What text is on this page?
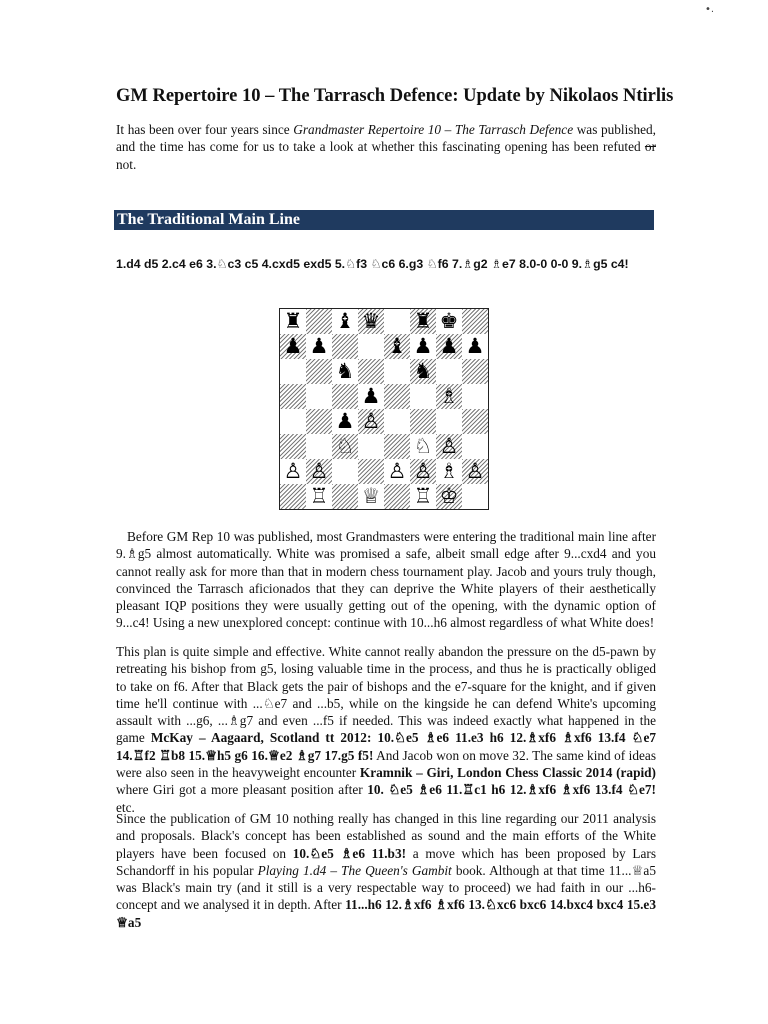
•.
GM Repertoire 10 – The Tarrasch Defence: Update by Nikolaos Ntirlis

It has been over four years since Grandmaster Repertoire 10 – The Tarrasch Defence was published, and the time has come for us to take a look at whether this fascinating opening has been refuted or not.

The Traditional Main Line

1.d4 d5 2.c4 e6 3.♘c3 c5 4.cxd5 exd5 5.♘f3 ♘c6 6.g3 ♘f6 7.♗g2 ♗e7 8.0-0 0-0 9.♗g5 c4!

♜ ♝ ♛ ♜ ♚
♟ ♟	♝ ♟ ♟ ♟
♞	♞
♟	♗
♟ ♙
♘	♘ ♙
♙ ♙	♙ ♙ ♗ ♙
♖ ♕ ♖ ♔

Before GM Rep 10 was published, most Grandmasters were entering the traditional main line after 9.♗g5 almost automatically. White was promised a safe, albeit small edge after 9...cxd4 and you cannot really ask for more than that in modern chess tournament play. Jacob and yours truly though, convinced the Tarrasch aficionados that they can deprive the White players of their aesthetically pleasant IQP positions they were usually getting out of the opening, with the dynamic option of 9...c4! Using a new unexplored concept: continue with 10...h6 almost regardless of what White does!

This plan is quite simple and effective. White cannot really abandon the pressure on the d5-pawn by retreating his bishop from g5, losing valuable time in the process, and thus he is practically obliged to take on f6. After that Black gets the pair of bishops and the e7-square for the knight, and if given time he'll continue with ...♘e7 and ...b5, while on the kingside he can defend White's upcoming assault with ...g6, ...♗g7 and even ...f5 if needed. This was indeed exactly what happened in the game McKay – Aagaard, Scotland tt 2012: 10.♘e5 ♗e6 11.e3 h6 12.♗xf6 ♗xf6 13.f4 ♘e7 14.♖f2 ♖b8 15.♕h5 g6 16.♕e2 ♗g7 17.g5 f5! And Jacob won on move 32. The same kind of ideas were also seen in the heavyweight encounter Kramnik – Giri, London Chess Classic 2014 (rapid) where Giri got a more pleasant position after 10. ♘e5 ♗e6 11.♖c1 h6 12.♗xf6 ♗xf6 13.f4 ♘e7! etc.

Since the publication of GM 10 nothing really has changed in this line regarding our 2011 analysis and proposals. Black's concept has been established as sound and the main efforts of the White players have been focused on 10.♘e5 ♗e6 11.b3! a move which has been proposed by Lars Schandorff in his popular Playing 1.d4 – The Queen's Gambit book. Although at that time 11...♕a5 was Black's main try (and it still is a very respectable way to proceed) we had faith in our ...h6-concept and we analysed it in depth. After 11...h6 12.♗xf6 ♗xf6 13.♘xc6 bxc6 14.bxc4 bxc4 15.e3 ♕a5
